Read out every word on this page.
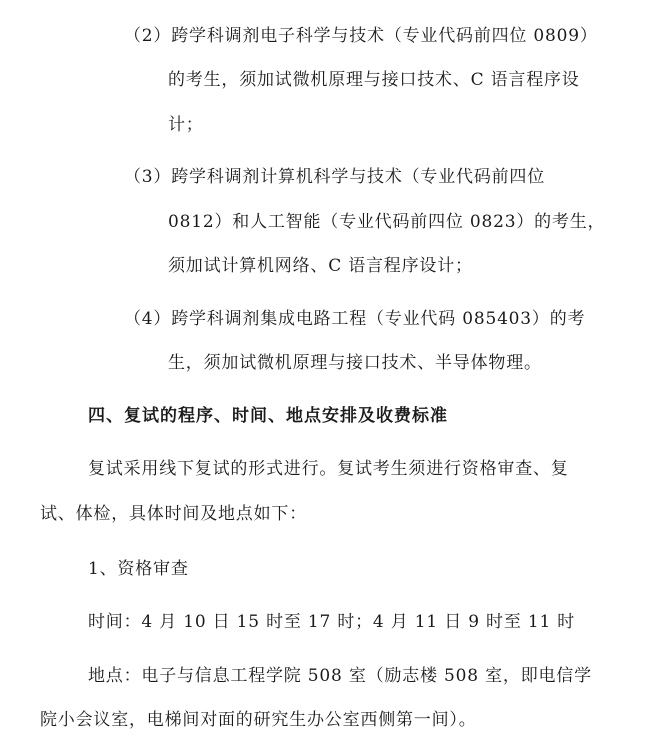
（2）跨学科调剂电子科学与技术（专业代码前四位 0809）
的考生，须加试微机原理与接口技术、C 语言程序设
计；
（3）跨学科调剂计算机科学与技术（专业代码前四位
0812）和人工智能（专业代码前四位 0823）的考生，
须加试计算机网络、C 语言程序设计；
（4）跨学科调剂集成电路工程（专业代码 085403）的考
生，须加试微机原理与接口技术、半导体物理。
四、复试的程序、时间、地点安排及收费标准
复试采用线下复试的形式进行。复试考生须进行资格审查、复
试、体检，具体时间及地点如下：
1、资格审查
时间：4 月 10 日 15 时至 17 时；4 月 11 日 9 时至 11 时
地点：电子与信息工程学院 508 室（励志楼 508 室，即电信学
院小会议室，电梯间对面的研究生办公室西侧第一间）。
